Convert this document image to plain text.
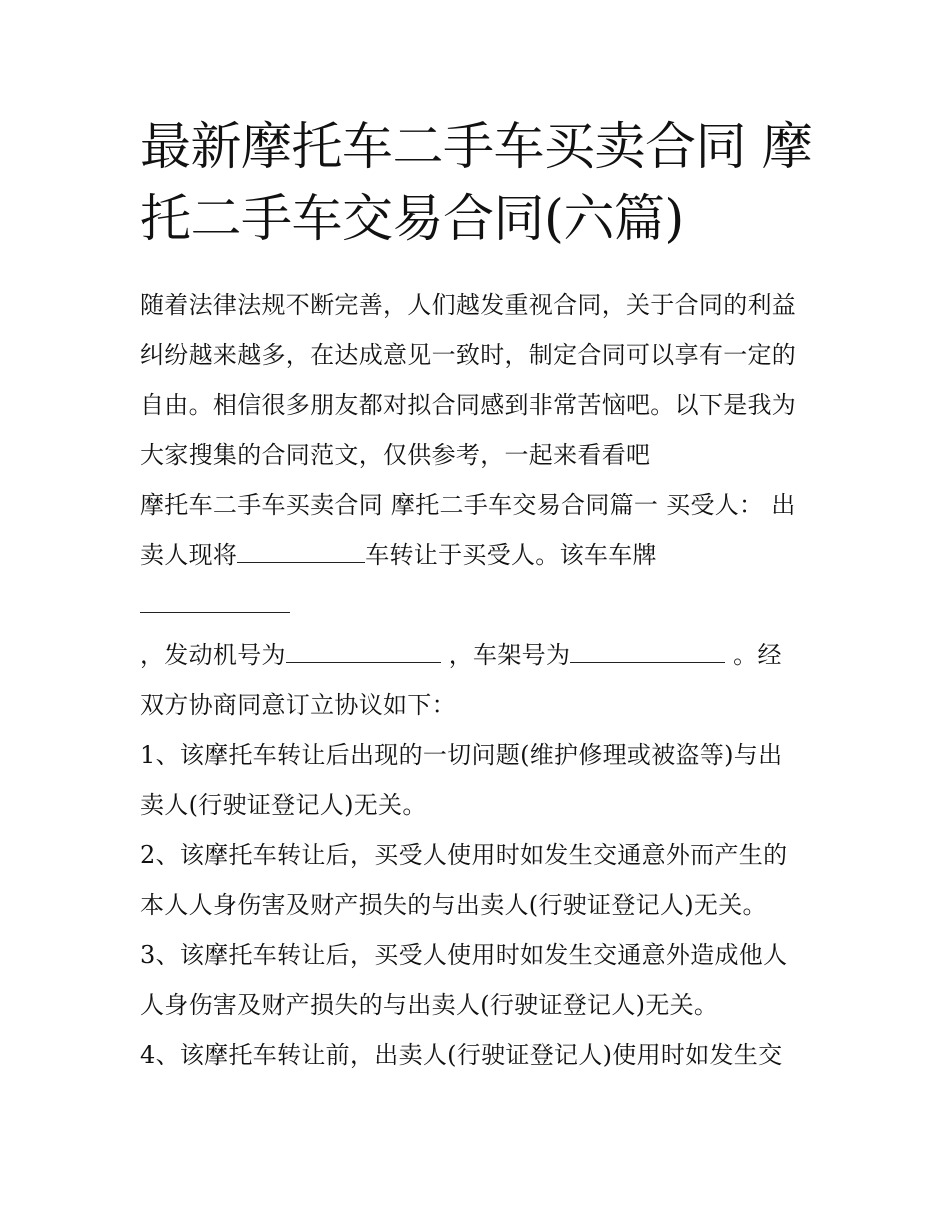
最新摩托车二手车买卖合同 摩
托二手车交易合同(六篇)
随着法律法规不断完善，人们越发重视合同，关于合同的利益
纠纷越来越多，在达成意见一致时，制定合同可以享有一定的
自由。相信很多朋友都对拟合同感到非常苦恼吧。以下是我为
大家搜集的合同范文，仅供参考，一起来看看吧
摩托车二手车买卖合同 摩托二手车交易合同篇一 买受人： 出
卖人现将	车转让于买受人。该车车牌
，发动机号为	，车架号为	。经
双方协商同意订立协议如下：
1、该摩托车转让后出现的一切问题(维护修理或被盗等)与出
卖人(行驶证登记人)无关。
2、该摩托车转让后，买受人使用时如发生交通意外而产生的
本人人身伤害及财产损失的与出卖人(行驶证登记人)无关。
3、该摩托车转让后，买受人使用时如发生交通意外造成他人
人身伤害及财产损失的与出卖人(行驶证登记人)无关。
4、该摩托车转让前，出卖人(行驶证登记人)使用时如发生交
